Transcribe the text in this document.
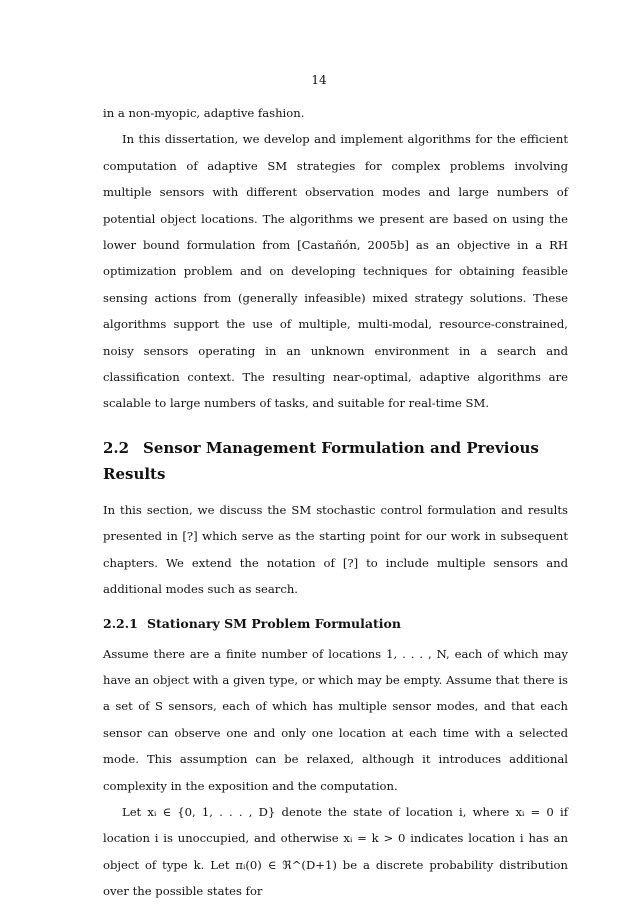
14

in a non-myopic, adaptive fashion.

In this dissertation, we develop and implement algorithms for the efficient computation of adaptive SM strategies for complex problems involving multiple sensors with different observation modes and large numbers of potential object locations. The algorithms we present are based on using the lower bound formulation from [Castañón, 2005b] as an objective in a RH optimization problem and on developing techniques for obtaining feasible sensing actions from (generally infeasible) mixed strategy solutions. These algorithms support the use of multiple, multi-modal, resource-constrained, noisy sensors operating in an unknown environment in a search and classification context. The resulting near-optimal, adaptive algorithms are scalable to large numbers of tasks, and suitable for real-time SM.

2.2 Sensor Management Formulation and Previous Results

In this section, we discuss the SM stochastic control formulation and results presented in [?] which serve as the starting point for our work in subsequent chapters. We extend the notation of [?] to include multiple sensors and additional modes such as search.

2.2.1 Stationary SM Problem Formulation

Assume there are a finite number of locations 1, . . . , N, each of which may have an object with a given type, or which may be empty. Assume that there is a set of S sensors, each of which has multiple sensor modes, and that each sensor can observe one and only one location at each time with a selected mode. This assumption can be relaxed, although it introduces additional complexity in the exposition and the computation.

Let xᵢ ∈ {0, 1, . . . , D} denote the state of location i, where xᵢ = 0 if location i is unoccupied, and otherwise xᵢ = k > 0 indicates location i has an object of type k. Let πᵢ(0) ∈ ℜ^(D+1) be a discrete probability distribution over the possible states for
